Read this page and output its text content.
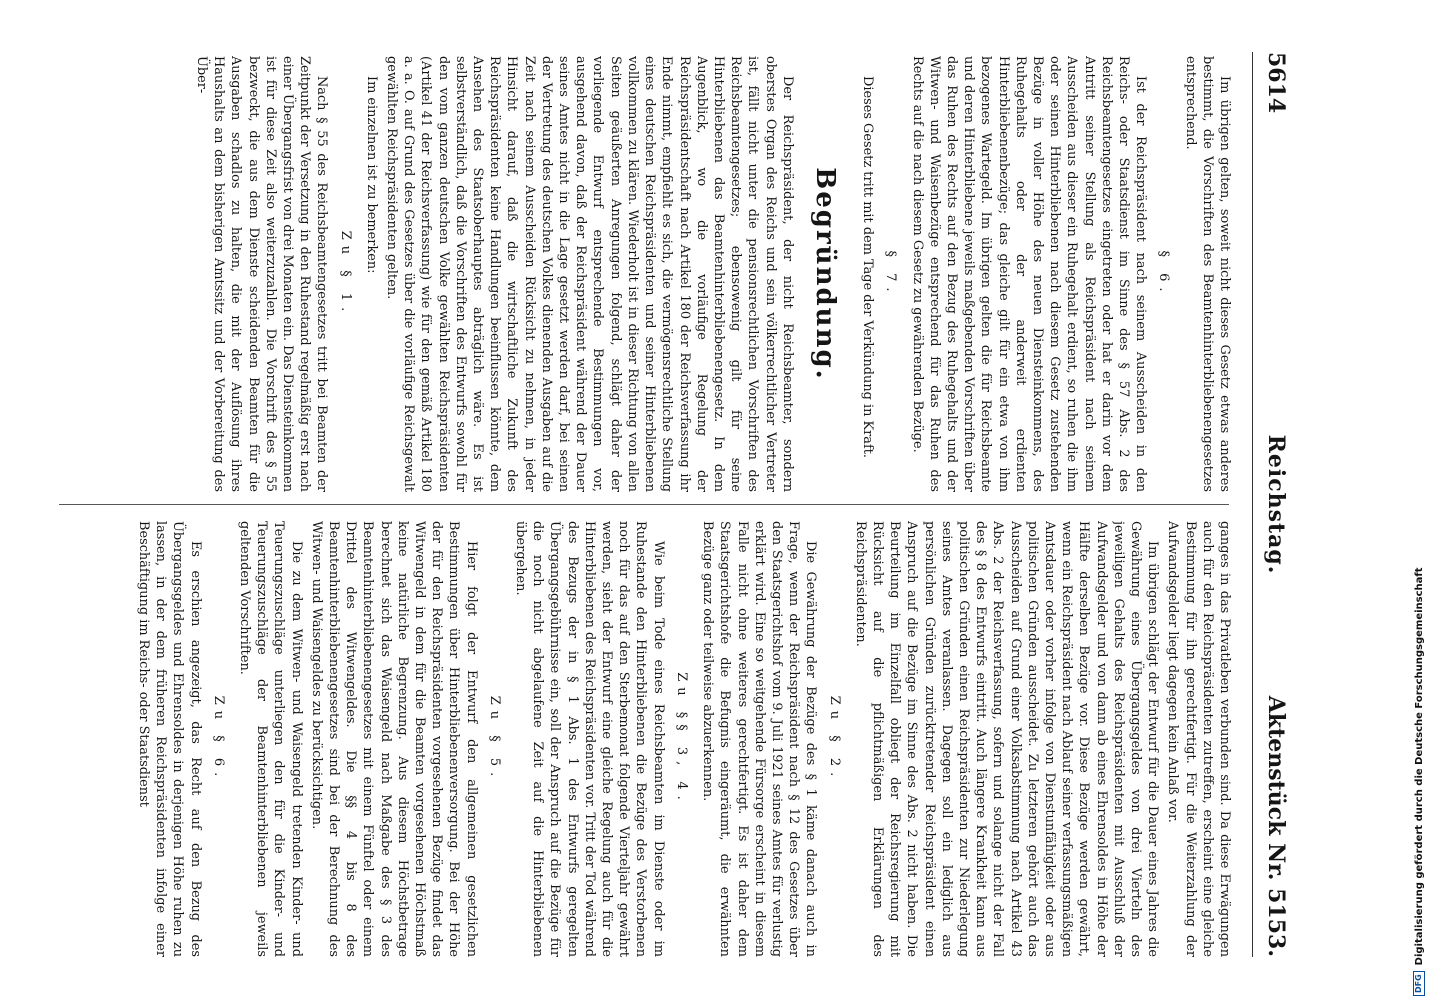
5614
Reichstag.
Aktenstück Nr. 5153.

Im übrigen gelten, soweit nicht dieses Gesetz etwas anderes bestimmt, die Vorschriften des Beamtenhinterbliebenengesetzes entsprechend.

§ 6.

Ist der Reichspräsident nach seinem Ausscheiden in den Reichs- oder Staatsdienst im Sinne des § 57 Abs. 2 des Reichsbeamtengesetzes eingetreten oder hat er darin vor dem Antritt seiner Stellung als Reichspräsident nach seinem Ausscheiden aus dieser ein Ruhegehalt erdient, so ruhen die ihm oder seinen Hinterbliebenen nach diesem Gesetz zustehenden Bezüge in voller Höhe des neuen Diensteinkommens, des Ruhegehalts oder der anderweit erdienten Hinterbliebenenbezüge; das gleiche gilt für ein etwa von ihm bezogenes Wartegeld. Im übrigen gelten die für Reichsbeamte und deren Hinterbliebene jeweils maßgebenden Vorschriften über das Ruhen des Rechts auf den Bezug des Ruhegehalts und der Witwen- und Waisenbezüge entsprechend für das Ruhen des Rechts auf die nach diesem Gesetz zu gewährenden Bezüge.

§ 7.

Dieses Gesetz tritt mit dem Tage der Verkündung in Kraft.

Begründung.

Der Reichspräsident, der nicht Reichsbeamter, sondern oberstes Organ des Reichs und sein völkerrechtlicher Vertreter ist, fällt nicht unter die pensionsrechtlichen Vorschriften des Reichsbeamtengesetzes; ebensowenig gilt für seine Hinterbliebenen das Beamtenhinterbliebenengesetz. In dem Augenblick, wo die vorläufige Regelung der Reichspräsidentschaft nach Artikel 180 der Reichsverfassung ihr Ende nimmt, empfiehlt es sich, die vermögensrechtliche Stellung eines deutschen Reichspräsidenten und seiner Hinterbliebenen vollkommen zu klären. Wiederholt ist in dieser Richtung von allen Seiten geäußerten Anregungen folgend, schlägt daher der vorliegende Entwurf entsprechende Bestimmungen vor, ausgehend davon, daß der Reichspräsident während der Dauer seines Amtes nicht in die Lage gesetzt werden darf, bei seinen der Vertretung des deutschen Volkes dienenden Ausgaben auf die Zeit nach seinem Ausscheiden Rücksicht zu nehmen, in jeder Hinsicht darauf, daß die wirtschaftliche Zukunft des Reichspräsidenten keine Handlungen beeinflussen könnte, dem Ansehen des Staatsoberhauptes abträglich wäre. Es ist selbstverständlich, daß die Vorschriften des Entwurfs sowohl für den vom ganzen deutschen Volke gewählten Reichspräsidenten (Artikel 41 der Reichsverfassung) wie für den gemäß Artikel 180 a. a. O. auf Grund des Gesetzes über die vorläufige Reichsgewalt gewählten Reichspräsidenten gelten.

Im einzelnen ist zu bemerken:

Zu § 1.

Nach § 55 des Reichsbeamtengesetzes tritt bei Beamten der Zeitpunkt der Versetzung in den Ruhestand regelmäßig erst nach einer Übergangsfrist von drei Monaten ein. Das Diensteinkommen ist für diese Zeit also weiterzuzahlen. Die Vorschrift des § 55 bezweckt, die aus dem Dienste scheidenden Beamten für die Ausgaben schadlos zu halten, die mit der Auflösung ihres Haushalts an dem bisherigen Amtssitz und der Vorbereitung des Über-

ganges in das Privatleben verbunden sind. Da diese Erwägungen auch für den Reichspräsidenten zutreffen, erscheint eine gleiche Bestimmung für ihn gerechtfertigt. Für die Weiterzahlung der Aufwandsgelder liegt dagegen kein Anlaß vor.

Im übrigen schlägt der Entwurf für die Dauer eines Jahres die Gewährung eines Übergangsgeldes von drei Vierteln des jeweiligen Gehalts des Reichspräsidenten mit Ausschluß der Aufwandsgelder und von dann ab eines Ehrensoldes in Höhe der Hälfte derselben Bezüge vor. Diese Bezüge werden gewährt, wenn ein Reichspräsident nach Ablauf seiner verfassungsmäßigen Amtsdauer oder vorher infolge von Dienstunfähigkeit oder aus politischen Gründen ausscheidet. Zu letzteren gehört auch das Ausscheiden auf Grund einer Volksabstimmung nach Artikel 43 Abs. 2 der Reichsverfassung, sofern und solange nicht der Fall des § 8 des Entwurfs eintritt. Auch längere Krankheit kann aus politischen Gründen einen Reichspräsidenten zur Niederlegung seines Amtes veranlassen. Dagegen soll ein lediglich aus persönlichen Gründen zurücktretender Reichspräsident einen Anspruch auf die Bezüge im Sinne des Abs. 2 nicht haben. Die Beurteilung im Einzelfall obliegt der Reichsregierung mit Rücksicht auf die pflichtmäßigen Erklärungen des Reichspräsidenten.

Zu § 2.

Die Gewährung der Bezüge des § 1 käme danach auch in Frage, wenn der Reichspräsident nach § 12 des Gesetzes über den Staatsgerichtshof vom 9. Juli 1921 seines Amtes für verlustig erklärt wird. Eine so weitgehende Fürsorge erscheint in diesem Falle nicht ohne weiteres gerechtfertigt. Es ist daher dem Staatsgerichtshofe die Befugnis eingeräumt, die erwähnten Bezüge ganz oder teilweise abzuerkennen.

Zu §§ 3, 4.

Wie beim Tode eines Reichsbeamten im Dienste oder im Ruhestande den Hinterbliebenen die Bezüge des Verstorbenen noch für das auf den Sterbemonat folgende Vierteljahr gewährt werden, sieht der Entwurf eine gleiche Regelung auch für die Hinterbliebenen des Reichspräsidenten vor. Tritt der Tod während des Bezugs der in § 1 Abs. 1 des Entwurfs geregelten Übergangsgebührnisse ein, soll der Anspruch auf die Bezüge für die noch nicht abgelaufene Zeit auf die Hinterbliebenen übergehen.

Zu § 5.

Hier folgt der Entwurf den allgemeinen gesetzlichen Bestimmungen über Hinterbliebenenversorgung. Bei der Höhe der für den Reichspräsidenten vorgesehenen Bezüge findet das Witwengeld in dem für die Beamten vorgesehenen Höchstmaß keine natürliche Begrenzung. Aus diesem Höchstbetrage berechnet sich das Waisengeld nach Maßgabe des § 3 des Beamtenhinterbliebenengesetzes mit einem Fünftel oder einem Drittel des Witwengeldes. Die §§ 4 bis 8 des Beamtenhinterbliebenengesetzes sind bei der Berechnung des Witwen- und Waisengeldes zu berücksichtigen.

Die zu dem Witwen- und Waisengeld tretenden Kinder- und Teuerungszuschläge unterliegen den für die Kinder- und Teuerungszuschläge der Beamtenhinterbliebenen jeweils geltenden Vorschriften.

Zu § 6.

Es erschien angezeigt, das Recht auf den Bezug des Übergangsgeldes und Ehrensoldes in derjenigen Höhe ruhen zu lassen, in der dem früheren Reichspräsidenten infolge einer Beschäftigung im Reichs- oder Staatsdienst

DFG
Digitalisierung gefördert durch die Deutsche Forschungsgemeinschaft
